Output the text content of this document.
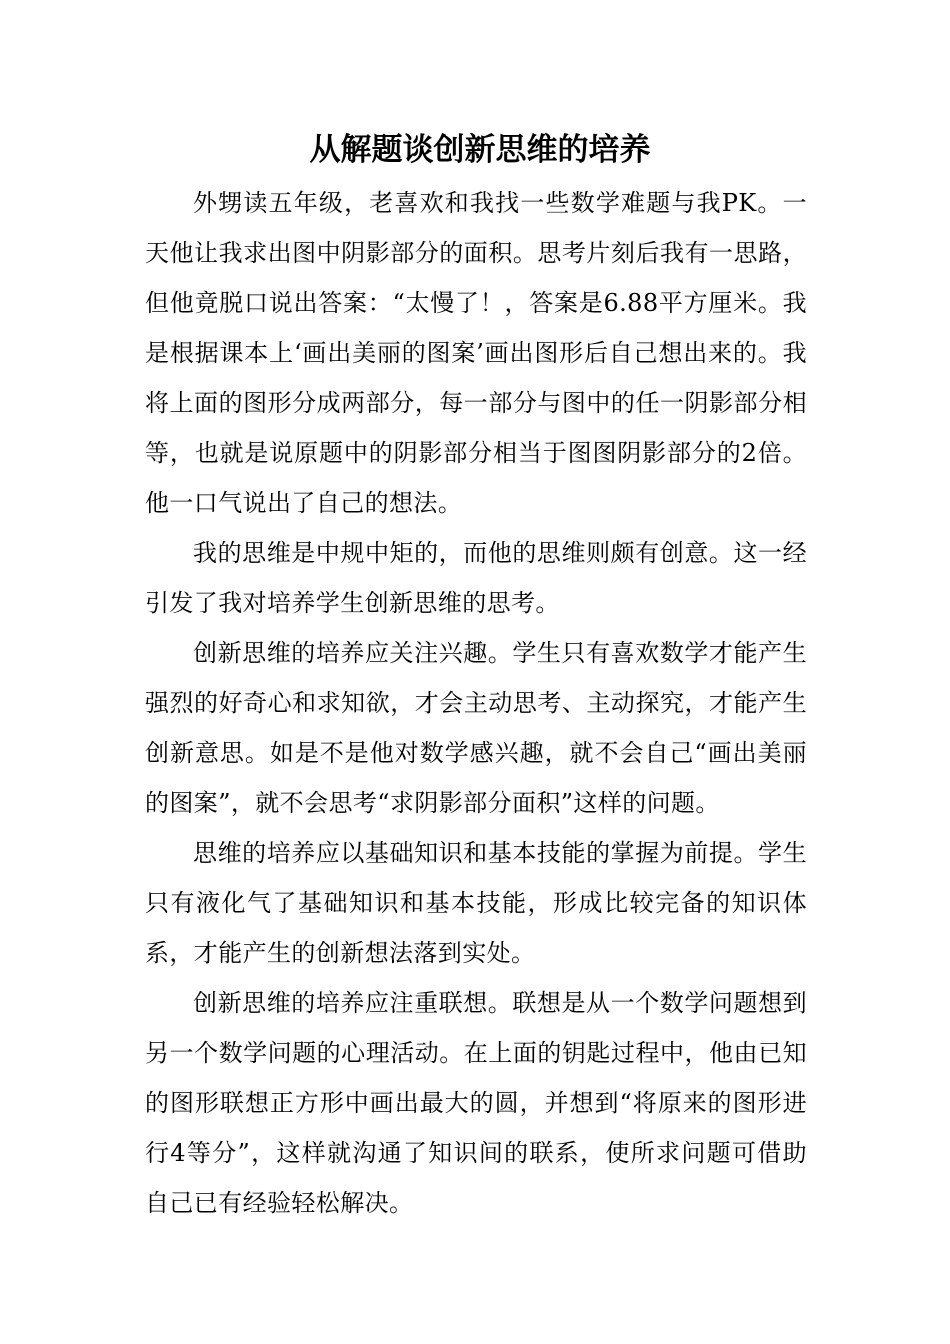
从解题谈创新思维的培养

外甥读五年级，老喜欢和我找一些数学难题与我PK。一天他让我求出图中阴影部分的面积。思考片刻后我有一思路，但他竟脱口说出答案：“太慢了！，答案是6.88平方厘米。我是根据课本上‘画出美丽的图案’画出图形后自己想出来的。我将上面的图形分成两部分，每一部分与图中的任一阴影部分相等，也就是说原题中的阴影部分相当于图图阴影部分的2倍。他一口气说出了自己的想法。

我的思维是中规中矩的，而他的思维则颇有创意。这一经引发了我对培养学生创新思维的思考。

创新思维的培养应关注兴趣。学生只有喜欢数学才能产生强烈的好奇心和求知欲，才会主动思考、主动探究，才能产生创新意思。如是不是他对数学感兴趣，就不会自己“画出美丽的图案”，就不会思考“求阴影部分面积”这样的问题。

思维的培养应以基础知识和基本技能的掌握为前提。学生只有液化气了基础知识和基本技能，形成比较完备的知识体系，才能产生的创新想法落到实处。

创新思维的培养应注重联想。联想是从一个数学问题想到另一个数学问题的心理活动。在上面的钥匙过程中，他由已知的图形联想正方形中画出最大的圆，并想到“将原来的图形进行4等分”，这样就沟通了知识间的联系，使所求问题可借助自己已有经验轻松解决。
